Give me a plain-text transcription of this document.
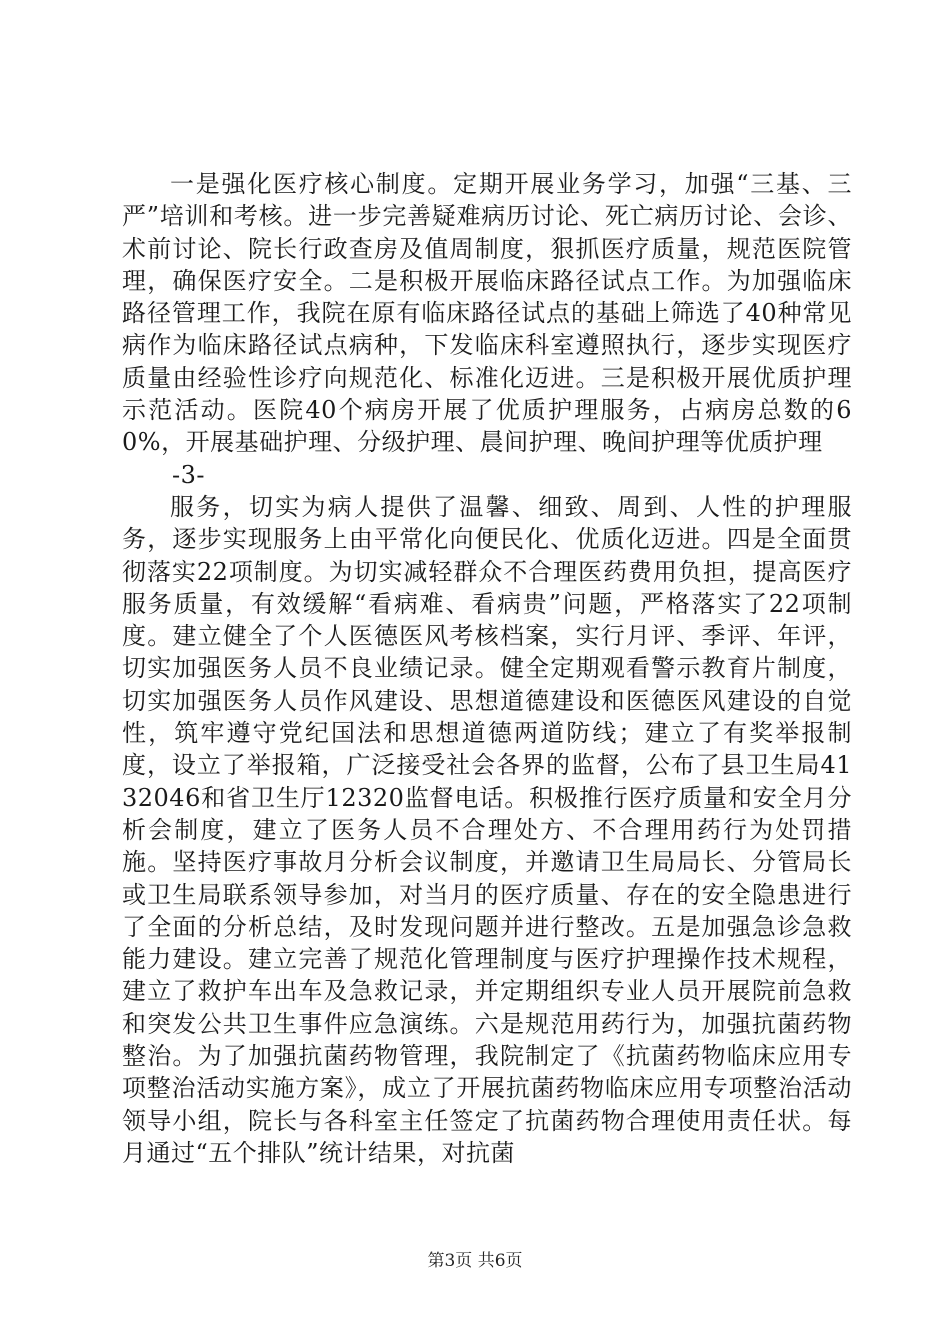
一是强化医疗核心制度。定期开展业务学习，加强“三基、三严”培训和考核。进一步完善疑难病历讨论、死亡病历讨论、会诊、术前讨论、院长行政查房及值周制度，狠抓医疗质量，规范医院管理，确保医疗安全。二是积极开展临床路径试点工作。为加强临床路径管理工作，我院在原有临床路径试点的基础上筛选了40种常见病作为临床路径试点病种，下发临床科室遵照执行，逐步实现医疗质量由经验性诊疗向规范化、标准化迈进。三是积极开展优质护理示范活动。医院40个病房开展了优质护理服务，占病房总数的60%，开展基础护理、分级护理、晨间护理、晚间护理等优质护理

-3-

服务，切实为病人提供了温馨、细致、周到、人性的护理服务，逐步实现服务上由平常化向便民化、优质化迈进。四是全面贯彻落实22项制度。为切实减轻群众不合理医药费用负担，提高医疗服务质量，有效缓解“看病难、看病贵”问题，严格落实了22项制度。建立健全了个人医德医风考核档案，实行月评、季评、年评，切实加强医务人员不良业绩记录。健全定期观看警示教育片制度，切实加强医务人员作风建设、思想道德建设和医德医风建设的自觉性，筑牢遵守党纪国法和思想道德两道防线；建立了有奖举报制度，设立了举报箱，广泛接受社会各界的监督，公布了县卫生局4132046和省卫生厅12320监督电话。积极推行医疗质量和安全月分析会制度，建立了医务人员不合理处方、不合理用药行为处罚措施。坚持医疗事故月分析会议制度，并邀请卫生局局长、分管局长或卫生局联系领导参加，对当月的医疗质量、存在的安全隐患进行了全面的分析总结，及时发现问题并进行整改。五是加强急诊急救能力建设。建立完善了规范化管理制度与医疗护理操作技术规程，建立了救护车出车及急救记录，并定期组织专业人员开展院前急救和突发公共卫生事件应急演练。六是规范用药行为，加强抗菌药物整治。为了加强抗菌药物管理，我院制定了《抗菌药物临床应用专项整治活动实施方案》，成立了开展抗菌药物临床应用专项整治活动领导小组，院长与各科室主任签定了抗菌药物合理使用责任状。每月通过“五个排队”统计结果，对抗菌

第3页 共6页
